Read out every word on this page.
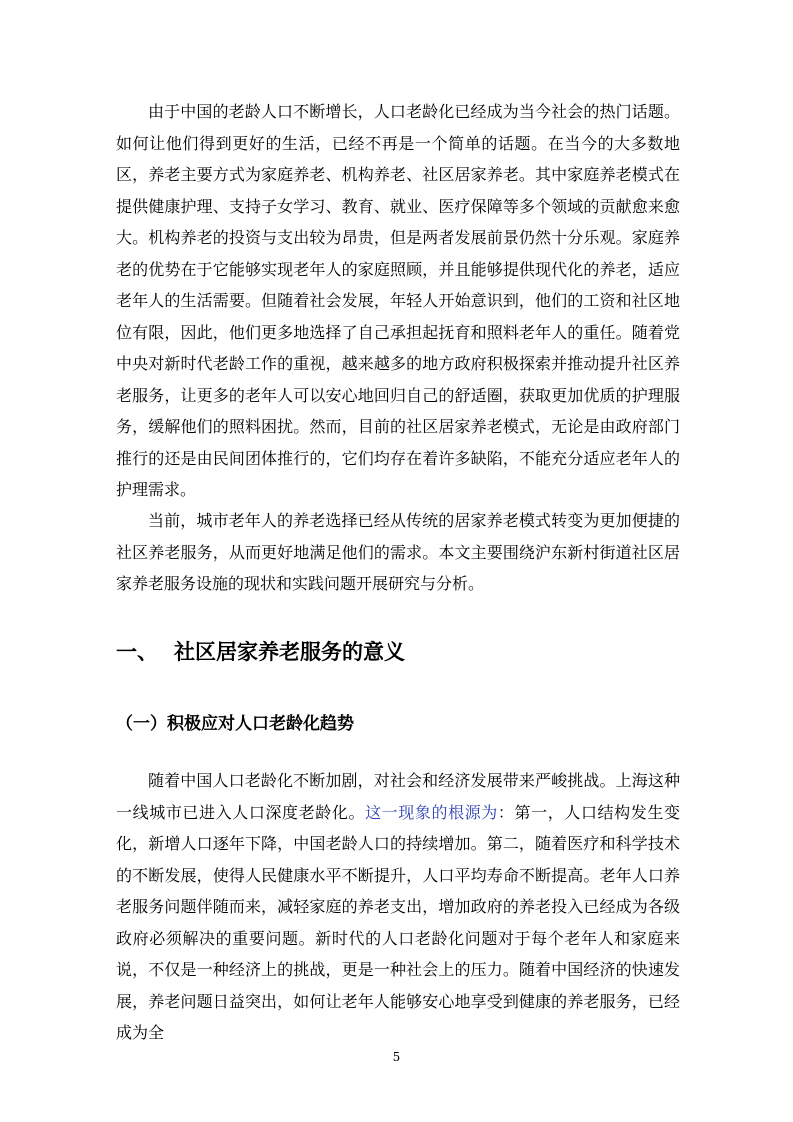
由于中国的老龄人口不断增长，人口老龄化已经成为当今社会的热门话题。如何让他们得到更好的生活，已经不再是一个简单的话题。在当今的大多数地区，养老主要方式为家庭养老、机构养老、社区居家养老。其中家庭养老模式在提供健康护理、支持子女学习、教育、就业、医疗保障等多个领域的贡献愈来愈大。机构养老的投资与支出较为昂贵，但是两者发展前景仍然十分乐观。家庭养老的优势在于它能够实现老年人的家庭照顾，并且能够提供现代化的养老，适应老年人的生活需要。但随着社会发展，年轻人开始意识到，他们的工资和社区地位有限，因此，他们更多地选择了自己承担起抚育和照料老年人的重任。随着党中央对新时代老龄工作的重视，越来越多的地方政府积极探索并推动提升社区养老服务，让更多的老年人可以安心地回归自己的舒适圈，获取更加优质的护理服务，缓解他们的照料困扰。然而，目前的社区居家养老模式，无论是由政府部门推行的还是由民间团体推行的，它们均存在着许多缺陷，不能充分适应老年人的护理需求。

当前，城市老年人的养老选择已经从传统的居家养老模式转变为更加便捷的社区养老服务，从而更好地满足他们的需求。本文主要围绕沪东新村街道社区居家养老服务设施的现状和实践问题开展研究与分析。

一、 社区居家养老服务的意义
（一）积极应对人口老龄化趋势

随着中国人口老龄化不断加剧，对社会和经济发展带来严峻挑战。上海这种一线城市已进入人口深度老龄化。这一现象的根源为：第一，人口结构发生变化，新增人口逐年下降，中国老龄人口的持续增加。第二，随着医疗和科学技术的不断发展，使得人民健康水平不断提升，人口平均寿命不断提高。老年人口养老服务问题伴随而来，减轻家庭的养老支出，增加政府的养老投入已经成为各级政府必须解决的重要问题。新时代的人口老龄化问题对于每个老年人和家庭来说，不仅是一种经济上的挑战，更是一种社会上的压力。随着中国经济的快速发展，养老问题日益突出，如何让老年人能够安心地享受到健康的养老服务，已经成为全

5
